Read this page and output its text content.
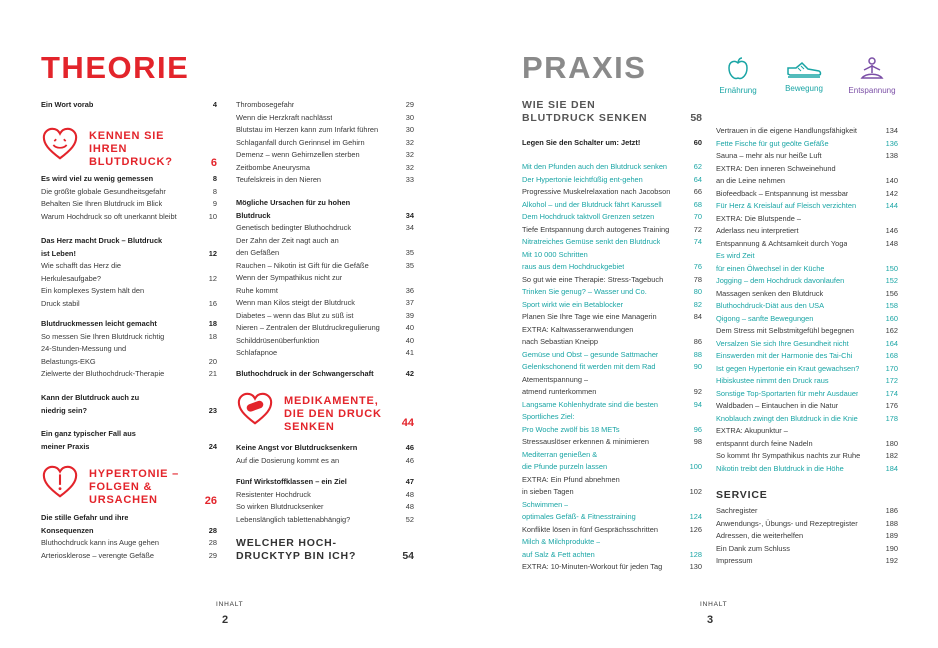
THEORIE
Ein Wort vorab	4
KENNEN SIE
IHREN
BLUTDRUCK?	6
Es wird viel zu wenig gemessen	8
Die größte globale Gesundheitsgefahr	8
Behalten Sie Ihren Blutdruck im Blick	9
Warum Hochdruck so oft unerkannt bleibt	10
Das Herz macht Druck – Blutdruck
ist Leben!	12
Wie schafft das Herz die
Herkulesaufgabe?	12
Ein komplexes System hält den
Druck stabil	16
Blutdruckmessen leicht gemacht	18
So messen Sie Ihren Blutdruck richtig	18
24-Stunden-Messung und
Belastungs-EKG	20
Zielwerte der Bluthochdruck-Therapie	21
Kann der Blutdruck auch zu
niedrig sein?	23
Ein ganz typischer Fall aus
meiner Praxis	24
HYPERTONIE –
FOLGEN &
URSACHEN	26
Die stille Gefahr und ihre
Konsequenzen	28
Bluthochdruck kann ins Auge gehen	28
Arteriosklerose – verengte Gefäße	29
Thrombosegefahr	29
Wenn die Herzkraft nachlässt	30
Blutstau im Herzen kann zum Infarkt führen	30
Schlaganfall durch Gerinnsel im Gehirn	32
Demenz – wenn Gehirnzellen sterben	32
Zeitbombe Aneurysma	32
Teufelskreis in den Nieren	33
Mögliche Ursachen für zu hohen
Blutdruck	34
Genetisch bedingter Bluthochdruck	34
Der Zahn der Zeit nagt auch an
den Gefäßen	35
Rauchen – Nikotin ist Gift für die Gefäße	35
Wenn der Sympathikus nicht zur
Ruhe kommt	36
Wenn man Kilos steigt der Blutdruck	37
Diabetes – wenn das Blut zu süß ist	39
Nieren – Zentralen der Blutdruckregulierung	40
Schilddrüsenüberfunktion	40
Schlafapnoe	41
Bluthochdruck in der Schwangerschaft	42
MEDIKAMENTE,
DIE DEN DRUCK
SENKEN	44
Keine Angst vor Blutdrucksenkern	46
Auf die Dosierung kommt es an	46
Fünf Wirkstoffklassen – ein Ziel	47
Resistenter Hochdruck	48
So wirken Blutdrucksenker	48
Lebenslänglich tablettenabhängig?	52
WELCHER HOCH-
DRUCKTYP BIN ICH?	54
INHALT
2
PRAXIS
Ernährung	Bewegung	Entspannung
WIE SIE DEN
BLUTDRUCK SENKEN	58
Legen Sie den Schalter um: Jetzt!	60
Mit den Pfunden auch den Blutdruck senken	62
Der Hypertonie leichtfüßig ent-gehen	64
Progressive Muskelrelaxation nach Jacobson	66
Alkohol – und der Blutdruck fährt Karussell	68
Dem Hochdruck taktvoll Grenzen setzen	70
Tiefe Entspannung durch autogenes Training	72
Nitratreiches Gemüse senkt den Blutdruck	74
Mit 10 000 Schritten
raus aus dem Hochdruckgebiet	76
So gut wie eine Therapie: Stress-Tagebuch	78
Trinken Sie genug? – Wasser und Co.	80
Sport wirkt wie ein Betablocker	82
Planen Sie Ihre Tage wie eine Managerin	84
EXTRA: Kaltwasseranwendungen
nach Sebastian Kneipp	86
Gemüse und Obst – gesunde Sattmacher	88
Gelenkschonend fit werden mit dem Rad	90
Atementspannung –
atmend runterkommen	92
Langsame Kohlenhydrate sind die besten	94
Sportliches Ziel:
Pro Woche zwölf bis 18 METs	96
Stressauslöser erkennen & minimieren	98
Mediterran genießen &
die Pfunde purzeln lassen	100
EXTRA: Ein Pfund abnehmen
in sieben Tagen	102
Schwimmen –
optimales Gefäß- & Fitnesstraining	124
Konflikte lösen in fünf Gesprächsschritten	126
Milch & Milchprodukte –
auf Salz & Fett achten	128
EXTRA: 10-Minuten-Workout für jeden Tag	130
Vertrauen in die eigene Handlungsfähigkeit	134
Fette Fische für gut geölte Gefäße	136
Sauna – mehr als nur heiße Luft	138
EXTRA: Den inneren Schweinehund
an die Leine nehmen	140
Biofeedback – Entspannung ist messbar	142
Für Herz & Kreislauf auf Fleisch verzichten	144
EXTRA: Die Blutspende –
Aderlass neu interpretiert	146
Entspannung & Achtsamkeit durch Yoga	148
Es wird Zeit
für einen Ölwechsel in der Küche	150
Jogging – dem Hochdruck davonlaufen	152
Massagen senken den Blutdruck	156
Bluthochdruck-Diät aus den USA	158
Qigong – sanfte Bewegungen	160
Dem Stress mit Selbstmitgefühl begegnen	162
Versalzen Sie sich Ihre Gesundheit nicht	164
Einswerden mit der Harmonie des Tai-Chi	168
Ist gegen Hypertonie ein Kraut gewachsen?	170
Hibiskustee nimmt den Druck raus	172
Sonstige Top-Sportarten für mehr Ausdauer	174
Waldbaden – Eintauchen in die Natur	176
Knoblauch zwingt den Blutdruck in die Knie	178
EXTRA: Akupunktur –
entspannt durch feine Nadeln	180
So kommt Ihr Sympathikus nachts zur Ruhe	182
Nikotin treibt den Blutdruck in die Höhe	184
SERVICE
Sachregister	186
Anwendungs-, Übungs- und Rezeptregister	188
Adressen, die weiterhelfen	189
Ein Dank zum Schluss	190
Impressum	192
INHALT
3
